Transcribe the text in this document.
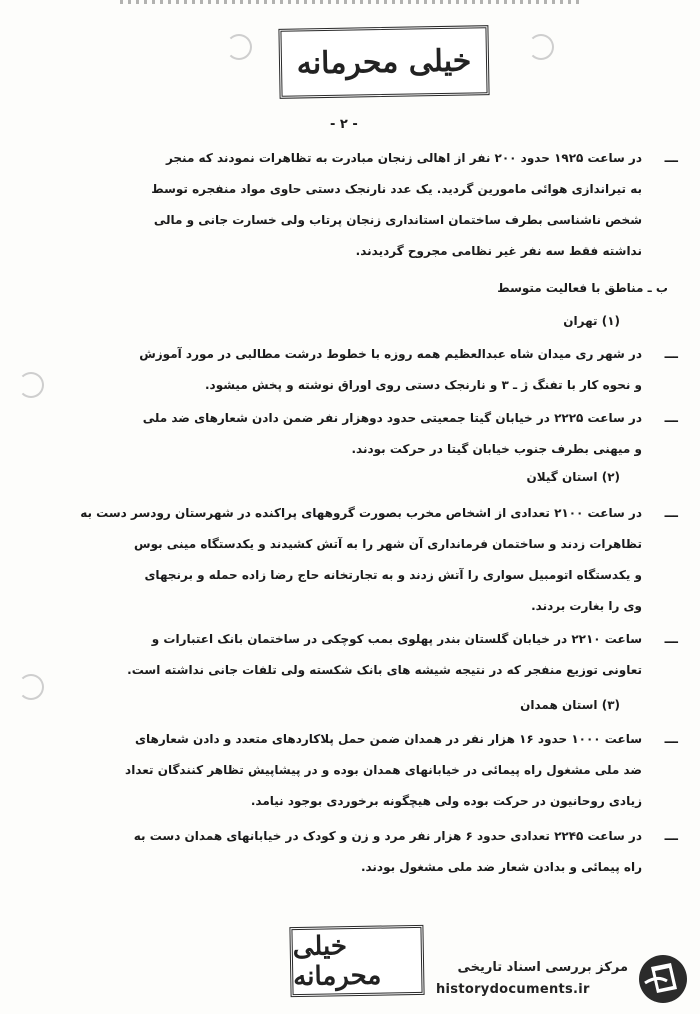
خیلی محرمانه
- ۲ -
ـــ

در ساعت ۱۹۲۵ حدود ۲۰۰ نفر از اهالی زنجان مبادرت به تظاهرات نمودند که منجر

به تیراندازی هوائی مامورین گردید. یک عدد نارنجک دستی حاوی مواد منفجره توسط

شخص ناشناسی بطرف ساختمان استانداری زنجان پرتاب ولی خسارت جانی و مالی

نداشته فقط سه نفر غیر نظامی مجروح گردیدند.

ب ـ مناطق با فعالیت متوسط
(۱) تهران
ـــ

در شهر ری میدان شاه عبدالعظیم همه روزه با خطوط درشت مطالبی در مورد آموزش

و نحوه کار با تفنگ ژ ـ ۳ و نارنجک دستی روی اوراق نوشته و پخش میشود.

ـــ

در ساعت ۲۲۲۵ در خیابان گیتا جمعیتی حدود دوهزار نفر ضمن دادن شعارهای ضد ملی

و میهنی بطرف جنوب خیابان گیتا در حرکت بودند.

(۲) استان گیلان
ـــ

در ساعت ۲۱۰۰ تعدادی از اشخاص مخرب بصورت گروههای پراکنده در شهرستان رودسر دست به

تظاهرات زدند و ساختمان فرمانداری آن شهر را به آتش کشیدند و یکدستگاه مینی بوس

و یکدستگاه اتومبیل سواری را آتش زدند و به تجارتخانه حاج رضا زاده حمله و برنجهای

وی را بغارت بردند.

ـــ

ساعت ۲۲۱۰ در خیابان گلستان بندر پهلوی بمب کوچکی در ساختمان بانک اعتبارات و

تعاونی توزیع منفجر که در نتیجه شیشه های بانک شکسته ولی تلفات جانی نداشته است.

(۳) استان همدان
ـــ

ساعت ۱۰۰۰ حدود ۱۶ هزار نفر در همدان ضمن حمل پلاکاردهای متعدد و دادن شعارهای

ضد ملی مشغول راه پیمائی در خیابانهای همدان بوده و در پیشاپیش تظاهر کنندگان تعداد

زیادی روحانیون در حرکت بوده ولی هیچگونه برخوردی بوجود نیامد.

ـــ

در ساعت ۲۲۴۵ تعدادی حدود ۶ هزار نفر مرد و زن و کودک در خیابانهای همدان دست به

راه پیمائی و بدادن شعار ضد ملی مشغول بودند.

خیلی محرمانه	مرکز بررسی اسناد تاریخی
historydocuments.ir
